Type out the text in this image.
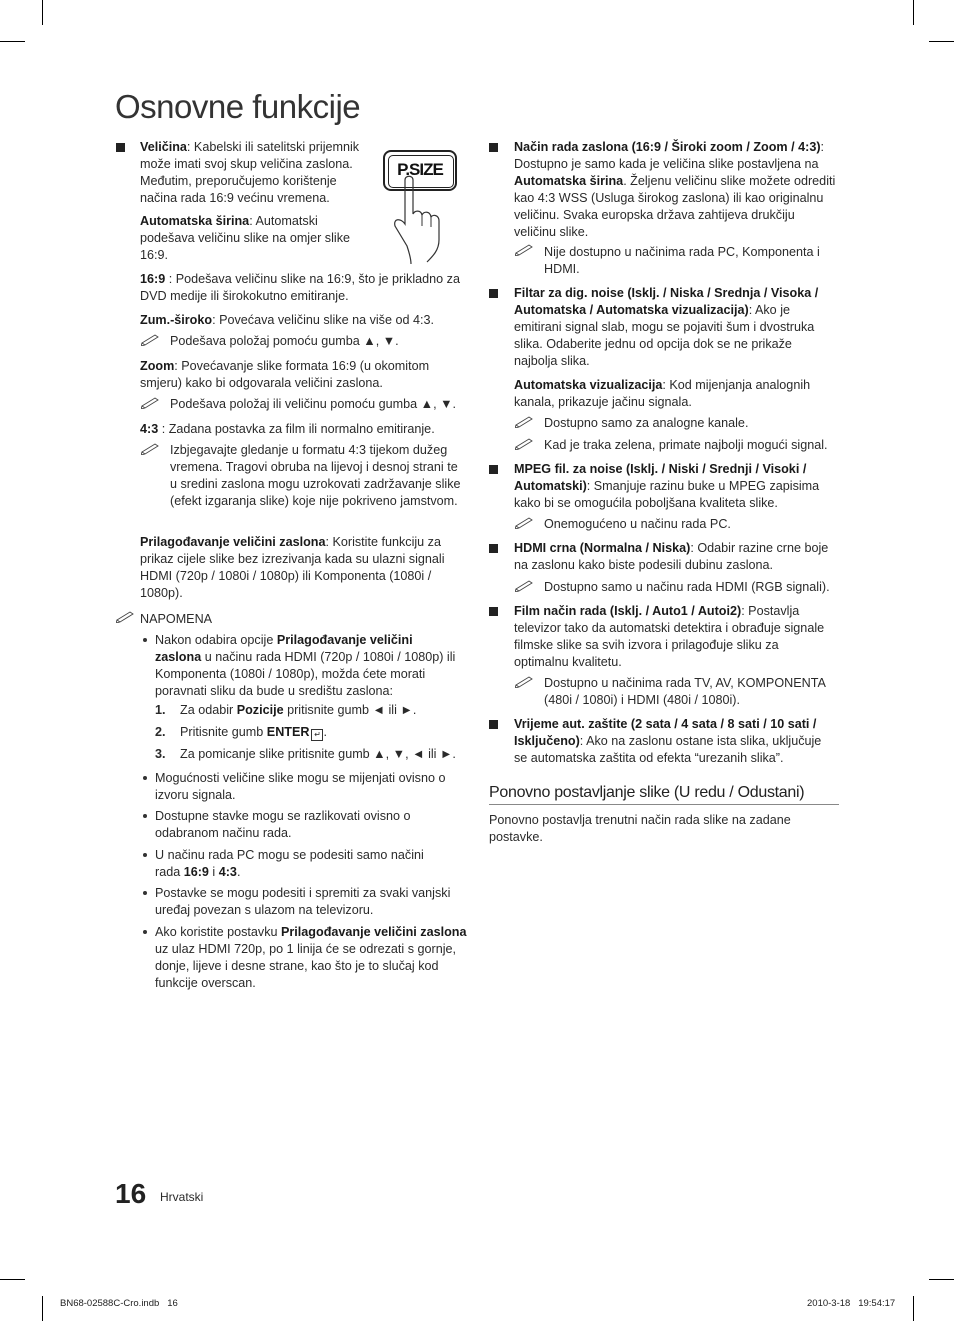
Osnovne funkcije

Veličina: Kabelski ili satelitski prijemnik može imati svoj skup veličina zaslona. Međutim, preporučujemo korištenje načina rada 16:9 većinu vremena.

P.SIZE

Automatska širina: Automatski podešava veličinu slike na omjer slike 16:9.

16:9 : Podešava veličinu slike na 16:9, što je prikladno za DVD medije ili širokokutno emitiranje.

Zum.-široko: Povećava veličinu slike na više od 4:3.

Podešava položaj pomoću gumba ▲, ▼.

Zoom: Povećavanje slike formata 16:9 (u okomitom smjeru) kako bi odgovarala veličini zaslona.

Podešava položaj ili veličinu pomoću gumba ▲, ▼.

4:3 : Zadana postavka za film ili normalno emitiranje.

Izbjegavajte gledanje u formatu 4:3 tijekom dužeg vremena. Tragovi obruba na lijevoj i desnoj strani te u sredini zaslona mogu uzrokovati zadržavanje slike (efekt izgaranja slike) koje nije pokriveno jamstvom.

Prilagođavanje veličini zaslona: Koristite funkciju za prikaz cijele slike bez izrezivanja kada su ulazni signali HDMI (720p / 1080i / 1080p) ili Komponenta (1080i / 1080p).

NAPOMENA

Nakon odabira opcije Prilagođavanje veličini zaslona u načinu rada HDMI (720p / 1080i / 1080p) ili Komponenta (1080i / 1080p), možda ćete morati poravnati sliku da bude u središtu zaslona:

1. Za odabir Pozicije pritisnite gumb ◄ ili ►.

2. Pritisnite gumb ENTER ↵ .

3. Za pomicanje slike pritisnite gumb ▲, ▼, ◄ ili ►.

Mogućnosti veličine slike mogu se mijenjati ovisno o izvoru signala.

Dostupne stavke mogu se razlikovati ovisno o odabranom načinu rada.

U načinu rada PC mogu se podesiti samo načini rada 16:9 i 4:3.

Postavke se mogu podesiti i spremiti za svaki vanjski uređaj povezan s ulazom na televizoru.

Ako koristite postavku Prilagođavanje veličini zaslona uz ulaz HDMI 720p, po 1 linija će se odrezati s gornje, donje, lijeve i desne strane, kao što je to slučaj kod funkcije overscan.

Način rada zaslona (16:9 / Široki zoom / Zoom / 4:3): Dostupno je samo kada je veličina slike postavljena na Automatska širina. Željenu veličinu slike možete odrediti kao 4:3 WSS (Usluga širokog zaslona) ili kao originalnu veličinu. Svaka europska država zahtijeva drukčiju veličinu slike.

Nije dostupno u načinima rada PC, Komponenta i HDMI.

Filtar za dig. noise (Isklj. / Niska / Srednja / Visoka / Automatska / Automatska vizualizacija): Ako je emitirani signal slab, mogu se pojaviti šum i dvostruka slika. Odaberite jednu od opcija dok se ne prikaže najbolja slika.

Automatska vizualizacija: Kod mijenjanja analognih kanala, prikazuje jačinu signala.

Dostupno samo za analogne kanale.

Kad je traka zelena, primate najbolji mogući signal.

MPEG fil. za noise (Isklj. / Niski / Srednji / Visoki / Automatski): Smanjuje razinu buke u MPEG zapisima kako bi se omogućila poboljšana kvaliteta slike.

Onemogućeno u načinu rada PC.

HDMI crna (Normalna / Niska): Odabir razine crne boje na zaslonu kako biste podesili dubinu zaslona.

Dostupno samo u načinu rada HDMI (RGB signali).

Film način rada (Isklj. / Auto1 / Autoi2): Postavlja televizor tako da automatski detektira i obrađuje signale filmske slike sa svih izvora i prilagođuje sliku za optimalnu kvalitetu.

Dostupno u načinima rada TV, AV, KOMPONENTA (480i / 1080i) i HDMI (480i / 1080i).

Vrijeme aut. zaštite (2 sata / 4 sata / 8 sati / 10 sati / Isključeno): Ako na zaslonu ostane ista slika, uključuje se automatska zaštita od efekta “urezanih slika”.

Ponovno postavljanje slike (U redu / Odustani)

Ponovno postavlja trenutni način rada slike na zadane postavke.

16 Hrvatski
BN68-02588C-Cro.indb   16	2010-3-18   19:54:17
